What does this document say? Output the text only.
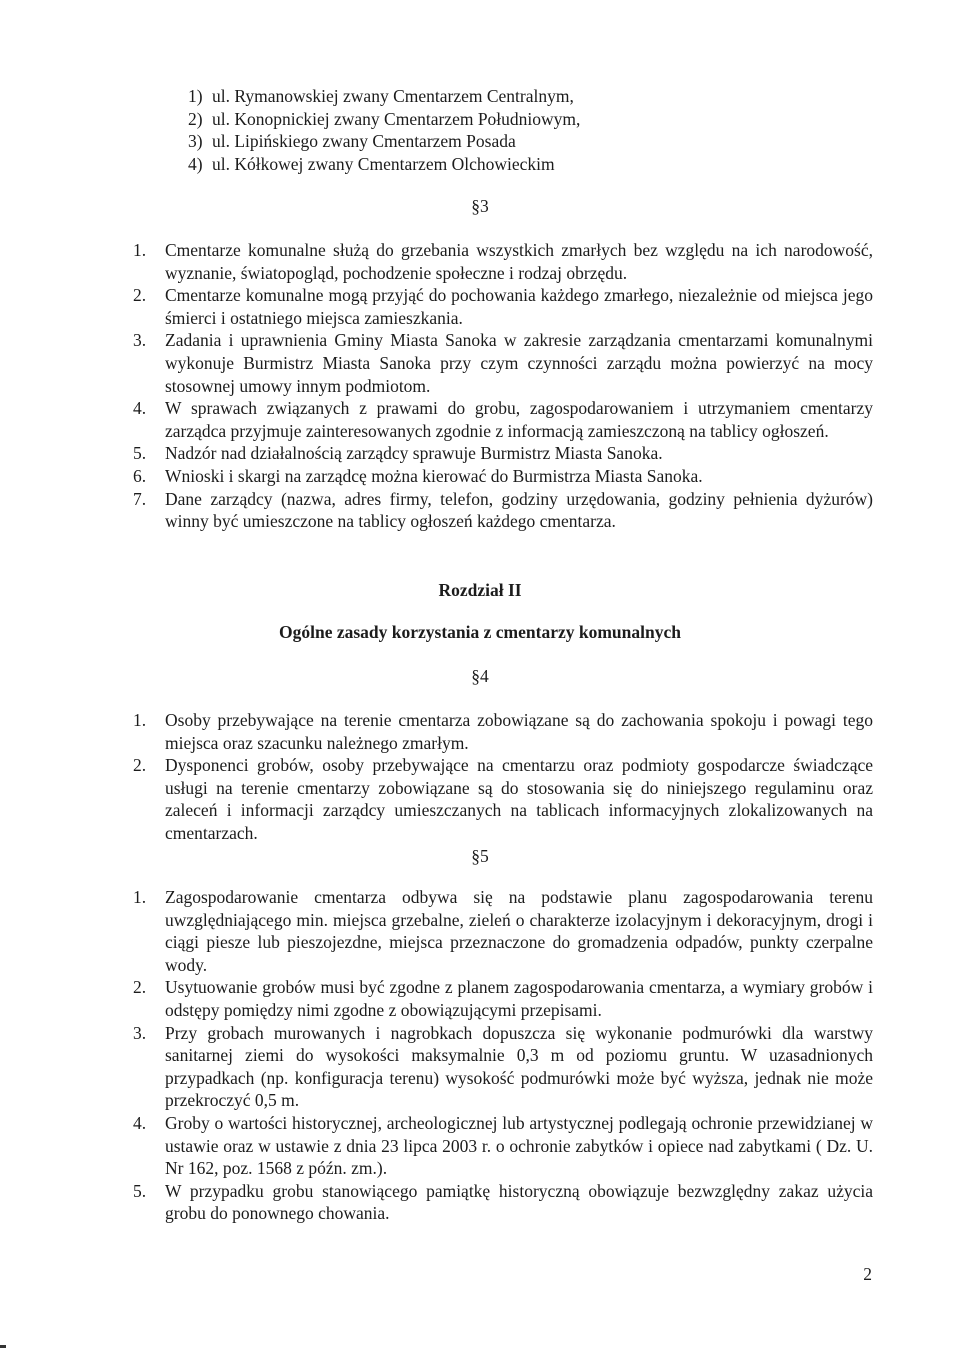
1) ul. Rymanowskiej zwany Cmentarzem Centralnym,
2) ul. Konopnickiej zwany Cmentarzem Południowym,
3) ul. Lipińskiego zwany Cmentarzem Posada
4) ul. Kółkowej zwany Cmentarzem Olchowieckim
§3
1.	Cmentarze komunalne służą do grzebania wszystkich zmarłych bez względu na ich narodowość, wyznanie, światopogląd, pochodzenie społeczne i rodzaj obrzędu.
2.	Cmentarze komunalne mogą przyjąć do pochowania każdego zmarłego, niezależnie od miejsca jego śmierci i ostatniego miejsca zamieszkania.
3.	Zadania i uprawnienia Gminy Miasta Sanoka w zakresie zarządzania cmentarzami komunalnymi wykonuje Burmistrz Miasta Sanoka przy czym czynności zarządu można powierzyć na mocy stosownej umowy innym podmiotom.
4.	W sprawach związanych z prawami do grobu, zagospodarowaniem i utrzymaniem cmentarzy zarządca przyjmuje zainteresowanych zgodnie z informacją zamieszczoną na tablicy ogłoszeń.
5.	Nadzór nad działalnością zarządcy sprawuje Burmistrz Miasta Sanoka.
6.	Wnioski i skargi na zarządcę można kierować do Burmistrza Miasta Sanoka.
7.	Dane zarządcy (nazwa, adres firmy, telefon, godziny urzędowania, godziny pełnienia dyżurów) winny być umieszczone na tablicy ogłoszeń każdego cmentarza.
Rozdział II
Ogólne zasady korzystania z cmentarzy komunalnych
§4
1.	Osoby przebywające na terenie cmentarza zobowiązane są do zachowania spokoju i powagi tego miejsca oraz szacunku należnego zmarłym.
2.	Dysponenci grobów, osoby przebywające na cmentarzu oraz podmioty gospodarcze świadczące usługi na terenie cmentarzy zobowiązane są do stosowania się do niniejszego regulaminu oraz zaleceń i informacji zarządcy umieszczanych na tablicach informacyjnych zlokalizowanych na cmentarzach.
§5
1.	Zagospodarowanie cmentarza odbywa się na podstawie planu zagospodarowania terenu uwzględniającego min. miejsca grzebalne, zieleń o charakterze izolacyjnym i dekoracyjnym, drogi i ciągi piesze lub pieszojezdne, miejsca przeznaczone do gromadzenia odpadów, punkty czerpalne wody.
2.	Usytuowanie grobów musi być zgodne z planem zagospodarowania cmentarza, a wymiary grobów i odstępy pomiędzy nimi zgodne z obowiązującymi przepisami.
3.	Przy grobach murowanych i nagrobkach dopuszcza się wykonanie podmurówki dla warstwy sanitarnej ziemi do wysokości maksymalnie 0,3 m od poziomu gruntu. W uzasadnionych przypadkach (np. konfiguracja terenu) wysokość podmurówki może być wyższa, jednak nie może przekroczyć 0,5 m.
4.	Groby o wartości historycznej, archeologicznej lub artystycznej podlegają ochronie przewidzianej w ustawie oraz w ustawie z dnia 23 lipca 2003 r. o ochronie zabytków i opiece nad zabytkami ( Dz. U. Nr 162, poz. 1568 z późn. zm.).
5.	W przypadku grobu stanowiącego pamiątkę historyczną obowiązuje bezwzględny zakaz użycia grobu do ponownego chowania.
2
